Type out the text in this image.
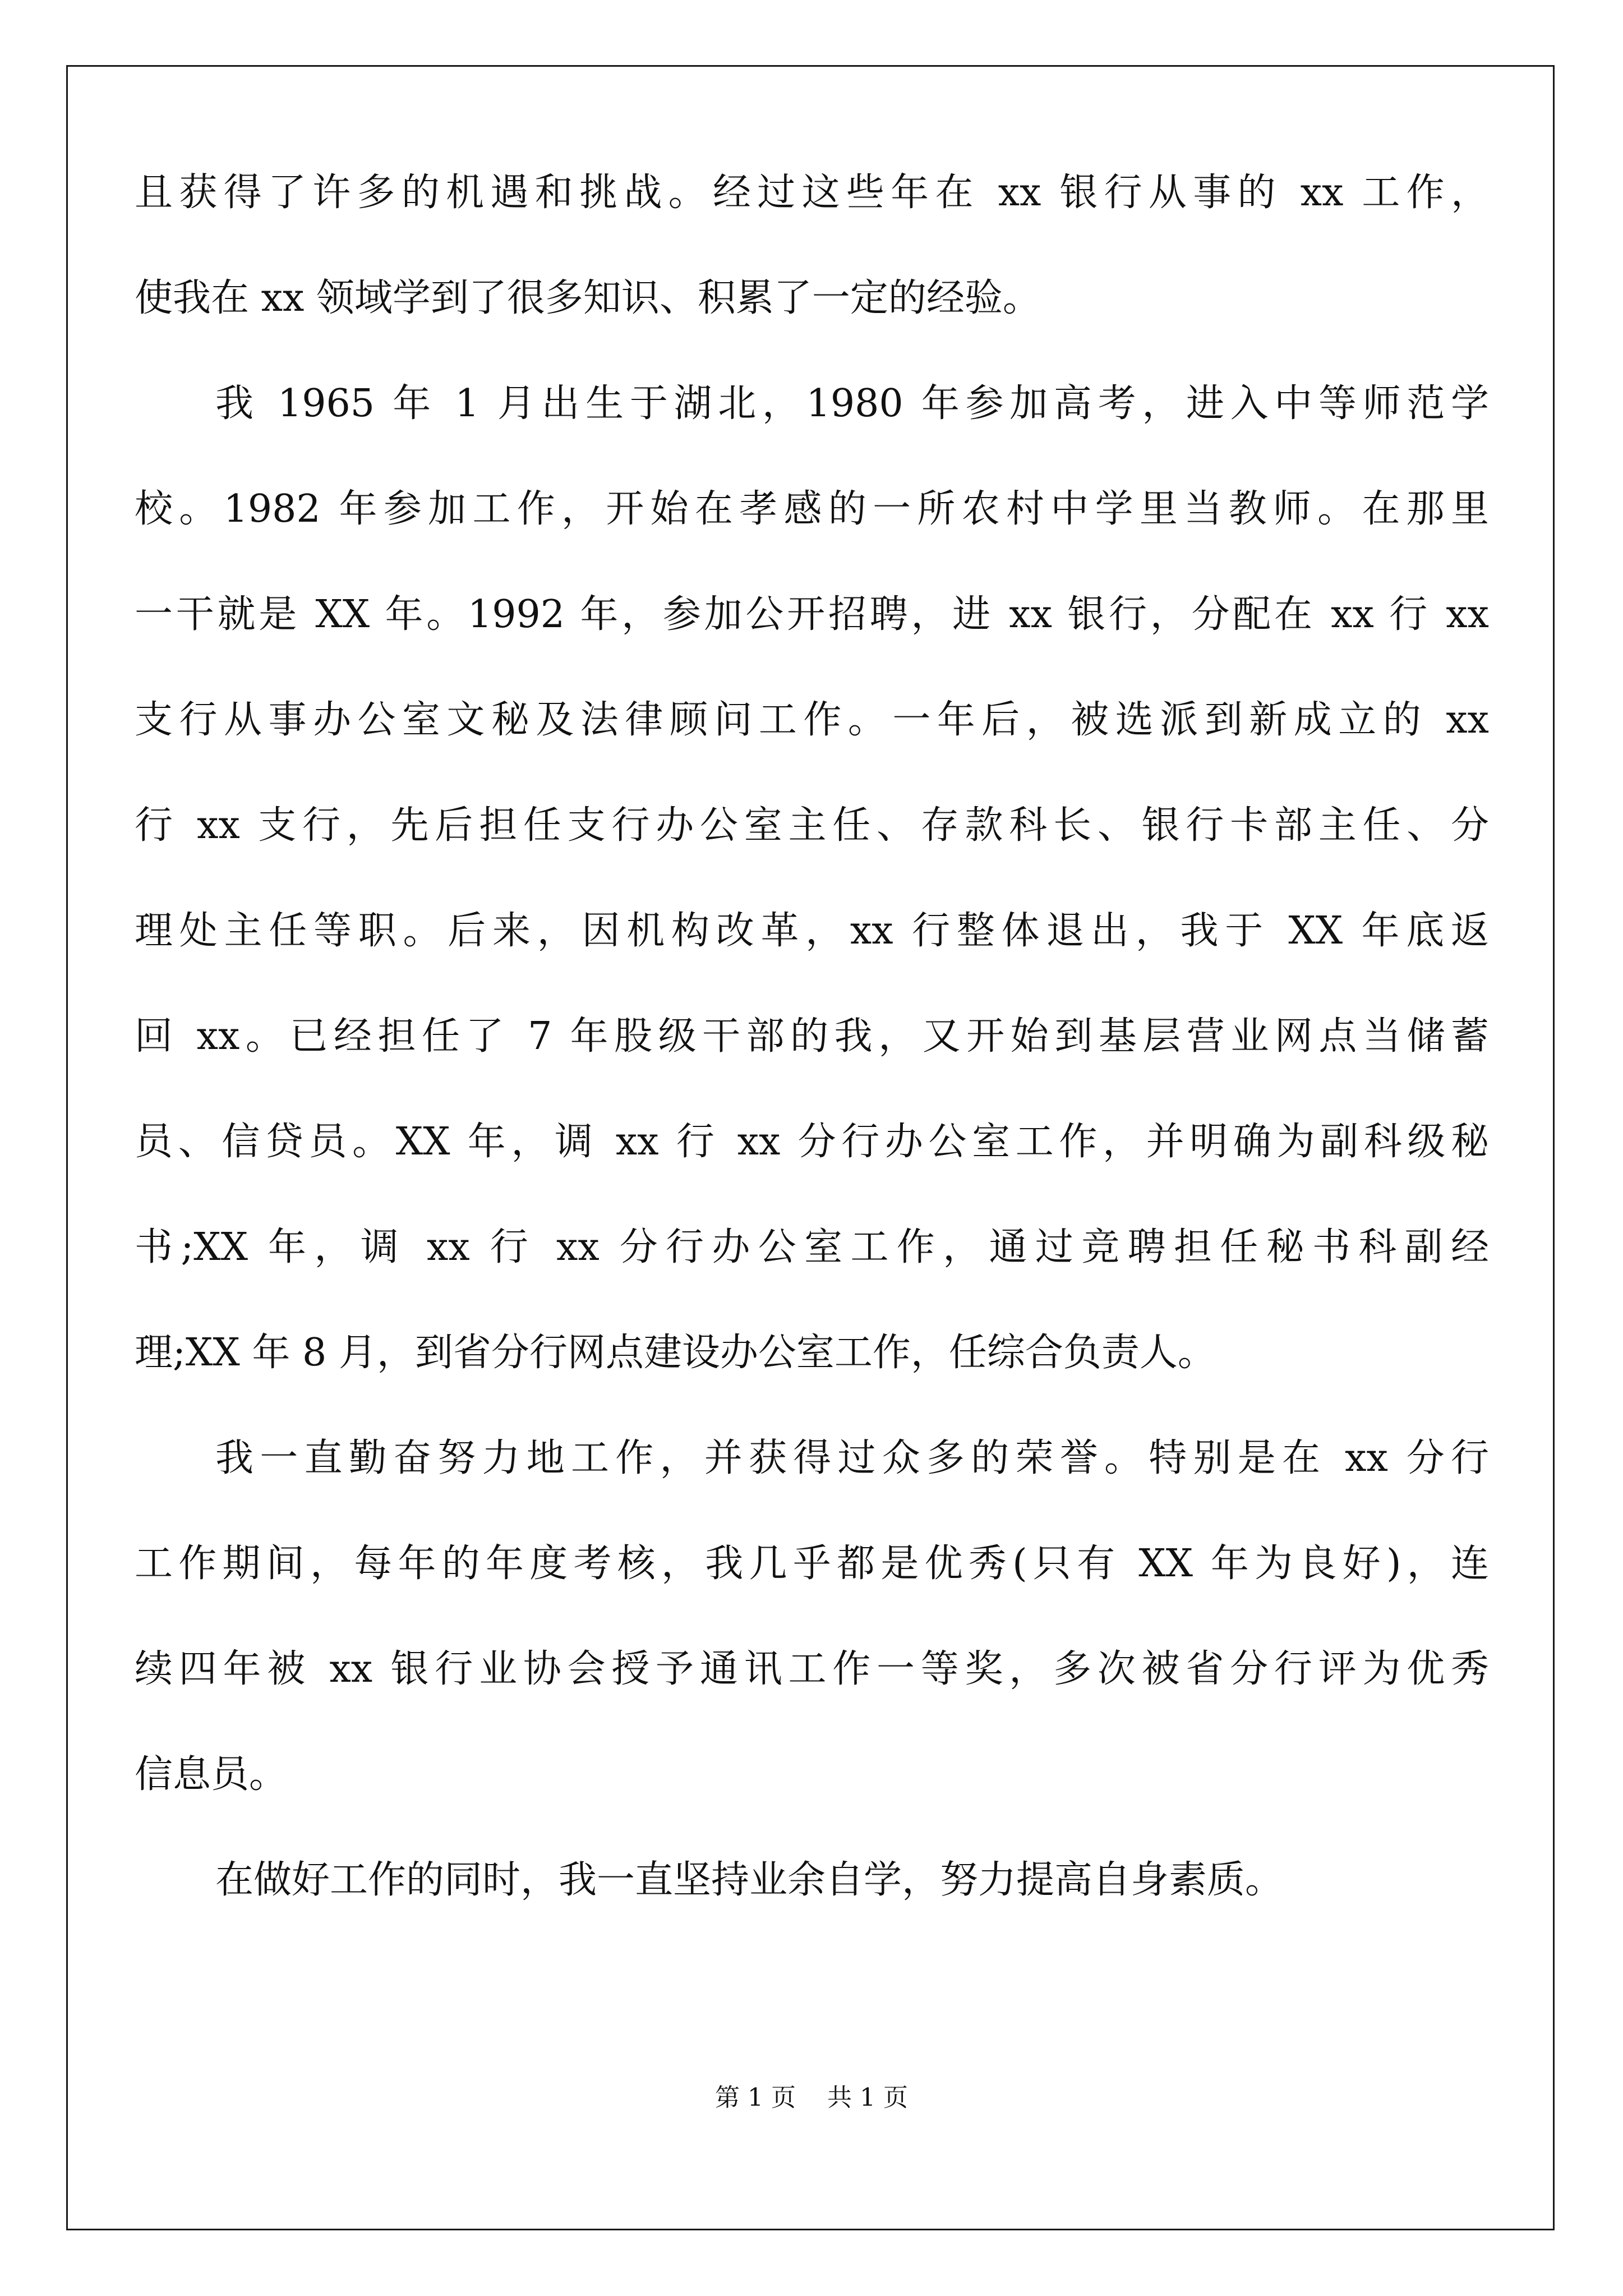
且获得了许多的机遇和挑战。经过这些年在 xx 银行从事的 xx 工作，
使我在 xx 领域学到了很多知识、积累了一定的经验。
我 1965 年 1 月出生于湖北，1980 年参加高考，进入中等师范学
校。1982 年参加工作，开始在孝感的一所农村中学里当教师。在那里
一干就是 XX 年。1992 年，参加公开招聘，进 xx 银行，分配在 xx 行 xx
支行从事办公室文秘及法律顾问工作。一年后，被选派到新成立的 xx
行 xx 支行，先后担任支行办公室主任、存款科长、银行卡部主任、分
理处主任等职。后来，因机构改革，xx 行整体退出，我于 XX 年底返
回 xx。已经担任了 7 年股级干部的我，又开始到基层营业网点当储蓄
员、信贷员。XX 年，调 xx 行 xx 分行办公室工作，并明确为副科级秘
书;XX 年，调 xx 行 xx 分行办公室工作，通过竞聘担任秘书科副经
理;XX 年 8 月，到省分行网点建设办公室工作，任综合负责人。
我一直勤奋努力地工作，并获得过众多的荣誉。特别是在 xx 分行
工作期间，每年的年度考核，我几乎都是优秀(只有 XX 年为良好)，连
续四年被 xx 银行业协会授予通讯工作一等奖，多次被省分行评为优秀
信息员。
在做好工作的同时，我一直坚持业余自学，努力提高自身素质。
第 1 页 共 1 页
